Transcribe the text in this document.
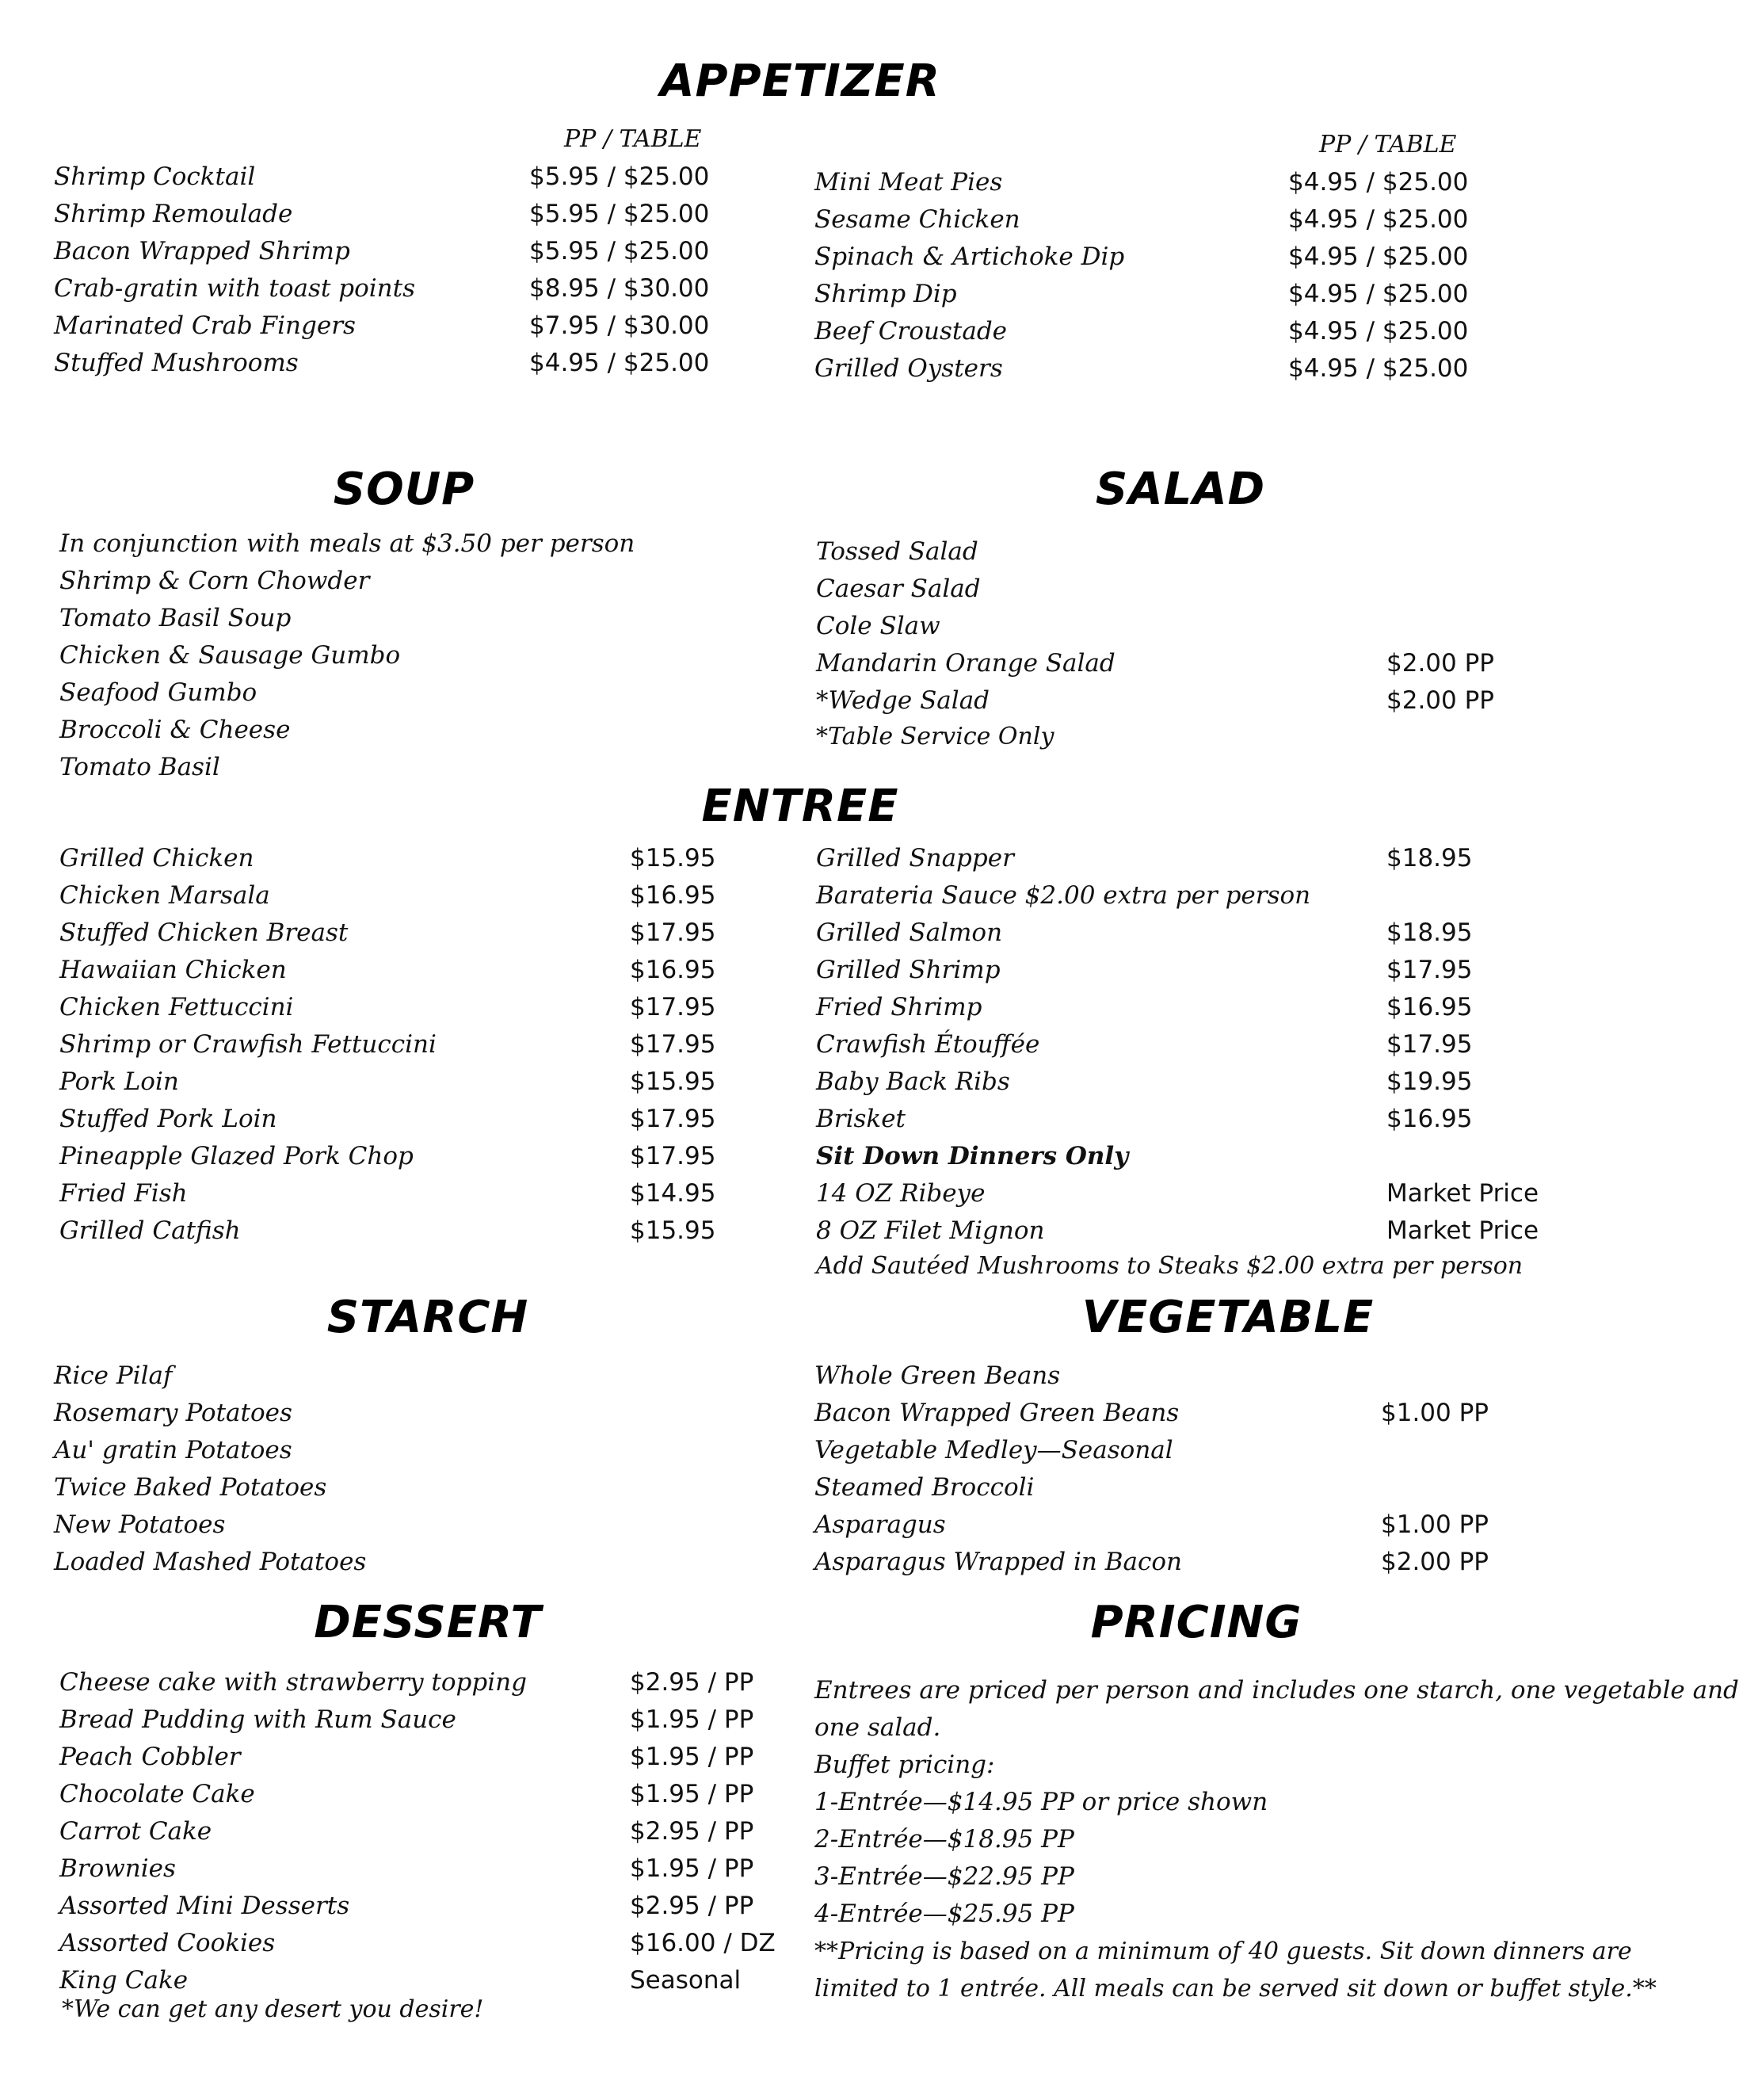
APPETIZER
PP / TABLE	PP / TABLE
Shrimp Cocktail	$5.95 / $25.00
Shrimp Remoulade	$5.95 / $25.00
Bacon Wrapped Shrimp	$5.95 / $25.00
Crab-gratin with toast points	$8.95 / $30.00
Marinated Crab Fingers	$7.95 / $30.00
Stuffed Mushrooms	$4.95 / $25.00
Mini Meat Pies	$4.95 / $25.00
Sesame Chicken	$4.95 / $25.00
Spinach & Artichoke Dip	$4.95 / $25.00
Shrimp Dip	$4.95 / $25.00
Beef Croustade	$4.95 / $25.00
Grilled Oysters	$4.95 / $25.00
SOUP
In conjunction with meals at $3.50 per person
Shrimp & Corn Chowder
Tomato Basil Soup
Chicken & Sausage Gumbo
Seafood Gumbo
Broccoli & Cheese
Tomato Basil
SALAD
Tossed Salad
Caesar Salad
Cole Slaw
Mandarin Orange Salad	$2.00 PP
*Wedge Salad	$2.00 PP
*Table Service Only
ENTREE
Grilled Chicken	$15.95
Chicken Marsala	$16.95
Stuffed Chicken Breast	$17.95
Hawaiian Chicken	$16.95
Chicken Fettuccini	$17.95
Shrimp or Crawfish Fettuccini	$17.95
Pork Loin	$15.95
Stuffed Pork Loin	$17.95
Pineapple Glazed Pork Chop	$17.95
Fried Fish	$14.95
Grilled Catfish	$15.95
Grilled Snapper	$18.95
Barateria Sauce $2.00 extra per person
Grilled Salmon	$18.95
Grilled Shrimp	$17.95
Fried Shrimp	$16.95
Crawfish Étouffée	$17.95
Baby Back Ribs	$19.95
Brisket	$16.95
Sit Down Dinners Only
14 OZ Ribeye	Market Price
8 OZ Filet Mignon	Market Price
Add Sautéed Mushrooms to Steaks $2.00 extra per person
STARCH
Rice Pilaf
Rosemary Potatoes
Au' gratin Potatoes
Twice Baked Potatoes
New Potatoes
Loaded Mashed Potatoes
VEGETABLE
Whole Green Beans
Bacon Wrapped Green Beans	$1.00 PP
Vegetable Medley—Seasonal
Steamed Broccoli
Asparagus	$1.00 PP
Asparagus Wrapped in Bacon	$2.00 PP
DESSERT
Cheese cake with strawberry topping	$2.95 / PP
Bread Pudding with Rum Sauce	$1.95 / PP
Peach Cobbler	$1.95 / PP
Chocolate Cake	$1.95 / PP
Carrot Cake	$2.95 / PP
Brownies	$1.95 / PP
Assorted Mini Desserts	$2.95 / PP
Assorted Cookies	$16.00 / DZ
King Cake	Seasonal
*We can get any desert you desire!
PRICING
Entrees are priced per person and includes one starch, one vegetable and
one salad.
Buffet pricing:
1-Entrée—$14.95 PP or price shown
2-Entrée—$18.95 PP
3-Entrée—$22.95 PP
4-Entrée—$25.95 PP
**Pricing is based on a minimum of 40 guests. Sit down dinners are
limited to 1 entrée. All meals can be served sit down or buffet style.**
